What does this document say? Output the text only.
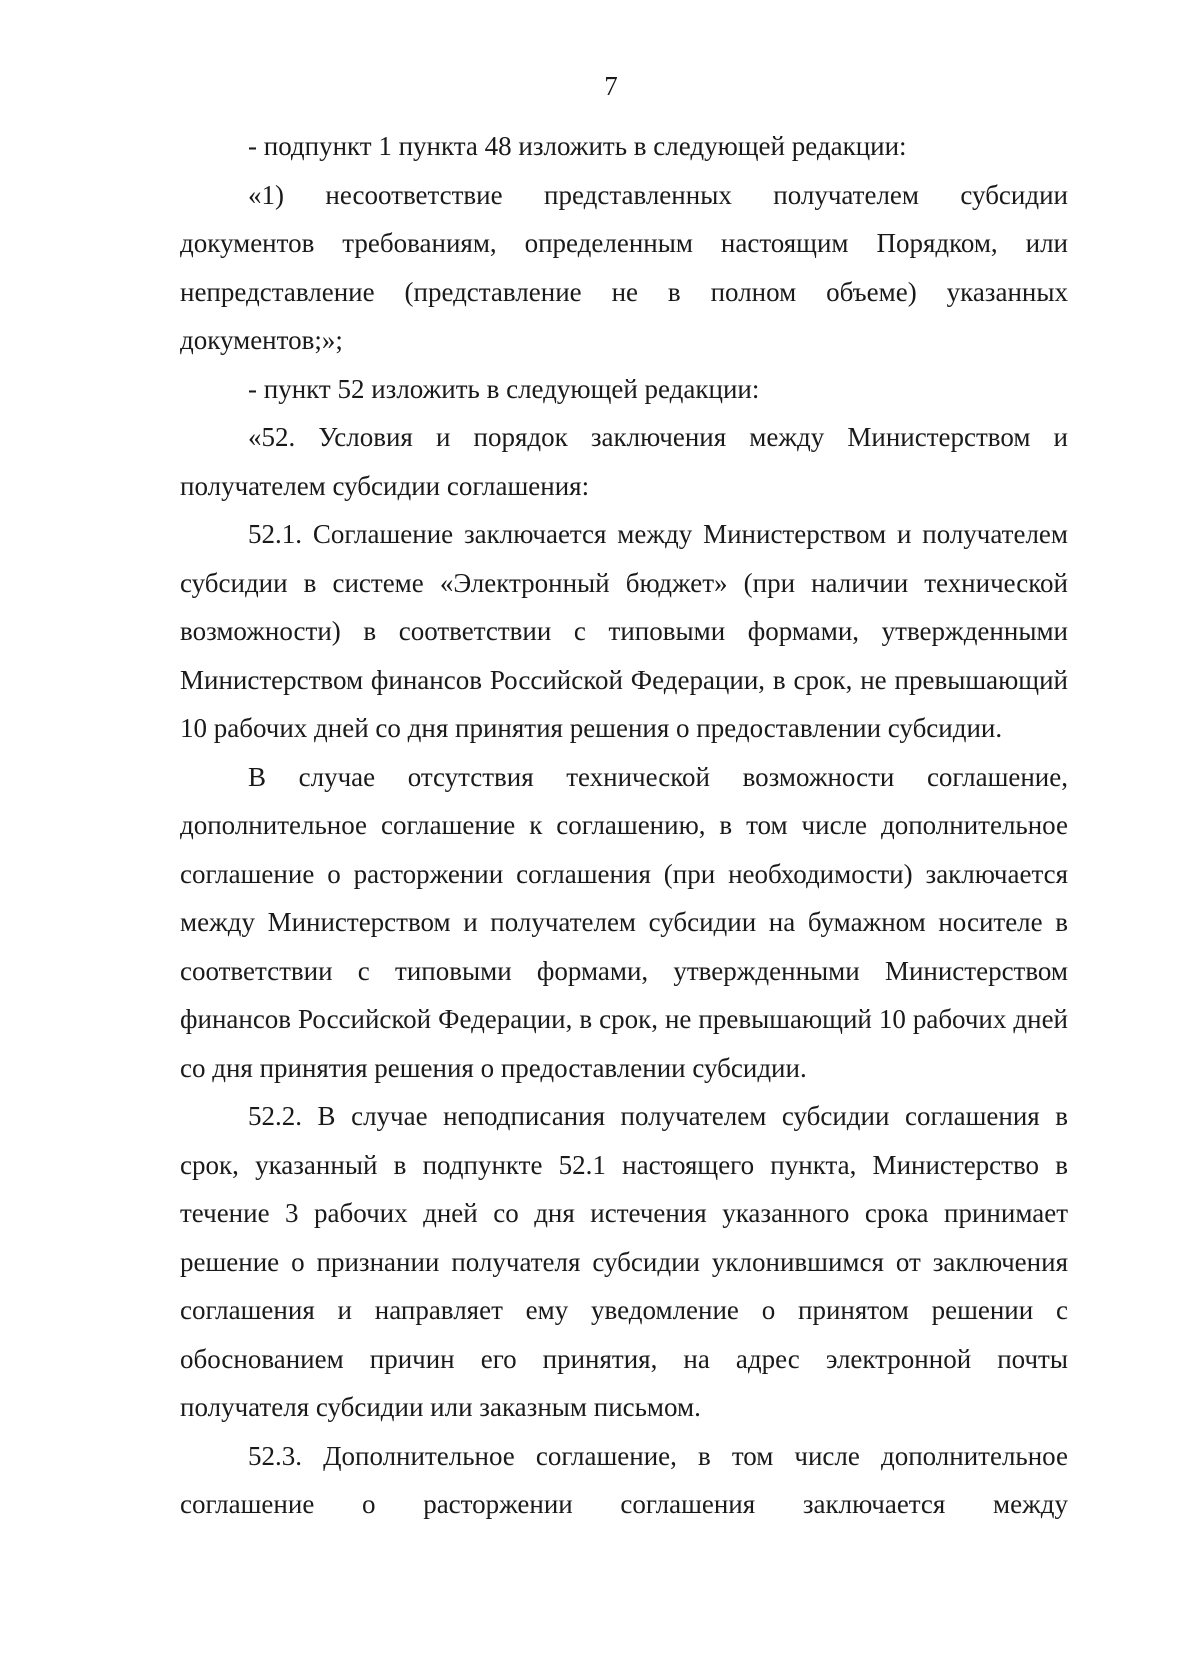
7

- подпункт 1 пункта 48 изложить в следующей редакции:

«1) несоответствие представленных получателем субсидии документов требованиям, определенным настоящим Порядком, или непредставление (представление не в полном объеме) указанных документов;»;

- пункт 52 изложить в следующей редакции:

«52. Условия и порядок заключения между Министерством и получателем субсидии соглашения:

52.1. Соглашение заключается между Министерством и получателем субсидии в системе «Электронный бюджет» (при наличии технической возможности) в соответствии с типовыми формами, утвержденными Министерством финансов Российской Федерации, в срок, не превышающий 10 рабочих дней со дня принятия решения о предоставлении субсидии.

В случае отсутствия технической возможности соглашение, дополнительное соглашение к соглашению, в том числе дополнительное соглашение о расторжении соглашения (при необходимости) заключается между Министерством и получателем субсидии на бумажном носителе в соответствии с типовыми формами, утвержденными Министерством финансов Российской Федерации, в срок, не превышающий 10 рабочих дней со дня принятия решения о предоставлении субсидии.

52.2. В случае неподписания получателем субсидии соглашения в срок, указанный в подпункте 52.1 настоящего пункта, Министерство в течение 3 рабочих дней со дня истечения указанного срока принимает решение о признании получателя субсидии уклонившимся от заключения соглашения и направляет ему уведомление о принятом решении с обоснованием причин его принятия, на адрес электронной почты получателя субсидии или заказным письмом.

52.3. Дополнительное соглашение, в том числе дополнительное соглашение о расторжении соглашения заключается между
